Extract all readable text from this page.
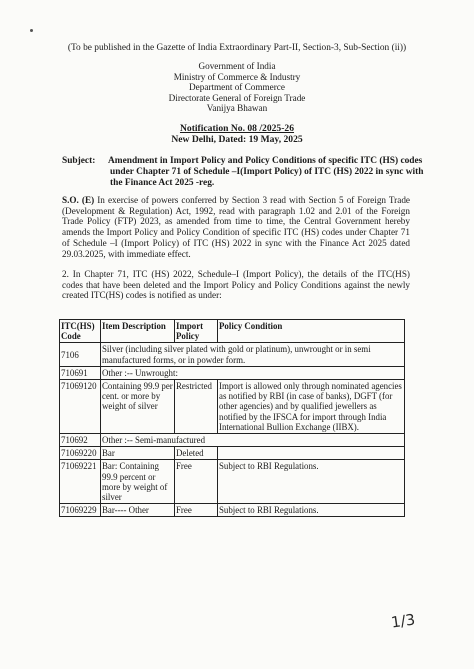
(To be published in the Gazette of India Extraordinary Part-II, Section-3, Sub-Section (ii))
Government of India
Ministry of Commerce & Industry
Department of Commerce
Directorate General of Foreign Trade
Vanijya Bhawan
Notification No. 08 /2025-26
New Delhi, Dated: 19 May, 2025
Subject: Amendment in Import Policy and Policy Conditions of specific ITC (HS) codes
under Chapter 71 of Schedule –I(Import Policy) of ITC (HS) 2022 in sync with
the Finance Act 2025 -reg.
S.O. (E) In exercise of powers conferred by Section 3 read with Section 5 of Foreign Trade (Development & Regulation) Act, 1992, read with paragraph 1.02 and 2.01 of the Foreign Trade Policy (FTP) 2023, as amended from time to time, the Central Government hereby amends the Import Policy and Policy Condition of specific ITC (HS) codes under Chapter 71 of Schedule –I (Import Policy) of ITC (HS) 2022 in sync with the Finance Act 2025 dated 29.03.2025, with immediate effect.
2. In Chapter 71, ITC (HS) 2022, Schedule–I (Import Policy), the details of the ITC(HS) codes that have been deleted and the Import Policy and Policy Conditions against the newly created ITC(HS) codes is notified as under:
ITC(HS) Code	Item Description	Import Policy	Policy Condition
7106	Silver (including silver plated with gold or platinum), unwrought or in semi manufactured forms, or in powder form.		
710691	Other :-- Unwrought:		
71069120	Containing 99.9 per cent. or more by weight of silver	Restricted	Import is allowed only through nominated agencies as notified by RBI (in case of banks), DGFT (for other agencies) and by qualified jewellers as notified by the IFSCA for import through India International Bullion Exchange (IIBX).
710692	Other :-- Semi-manufactured		
71069220	Bar	Deleted	
71069221	Bar: Containing 99.9 percent or more by weight of silver	Free	Subject to RBI Regulations.
71069229	Bar---- Other	Free	Subject to RBI Regulations.
1/3
